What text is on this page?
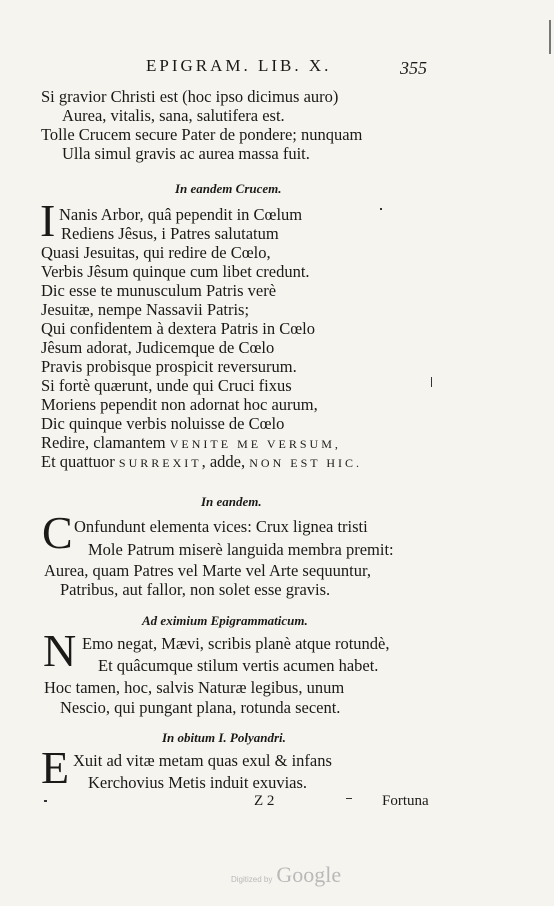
EPIGRAM. LIB. X.	355
Si gravior Christi est (hoc ipso dicimus auro)
Aurea, vitalis, sana, salutifera est.
Tolle Crucem secure Pater de pondere; nunquam
Ulla simul gravis ac aurea massa fuit.
In eandem Crucem.
I Nanis Arbor, quâ pependit in Cœlum
Rediens Jêsus, i Patres salutatum
Quasi Jesuitas, qui redire de Cœlo,
Verbis Jêsum quinque cum libet credunt.
Dic esse te munusculum Patris verè
Jesuitæ, nempe Nassavii Patris;
Qui confidentem à dextera Patris in Cœlo
Jêsum adorat, Judicemque de Cœlo
Pravis probisque prospicit reversurum.
Si fortè quærunt, unde qui Cruci fixus
Moriens pependit non adornat hoc aurum,
Dic quinque verbis noluisse de Cœlo
Redire, clamantem VENITE ME VERSUM,
Et quattuor SURREXIT, adde, NON EST HIC.
In eandem.
C Onfundunt elementa vices: Crux lignea tristi
Mole Patrum miserè languida membra premit:
Aurea, quam Patres vel Marte vel Arte sequuntur,
Patribus, aut fallor, non solet esse gravis.
Ad eximium Epigrammaticum.
N Emo negat, Mævi, scribis planè atque rotundè,
Et quâcumque stilum vertis acumen habet.
Hoc tamen, hoc, salvis Naturæ legibus, unum
Nescio, qui pungant plana, rotunda secent.
In obitum I. Polyandri.
E Xuit ad vitæ metam quas exul & infans
Kerchovius Metis induit exuvias.
Z 2	Fortuna
Digitized by Google
